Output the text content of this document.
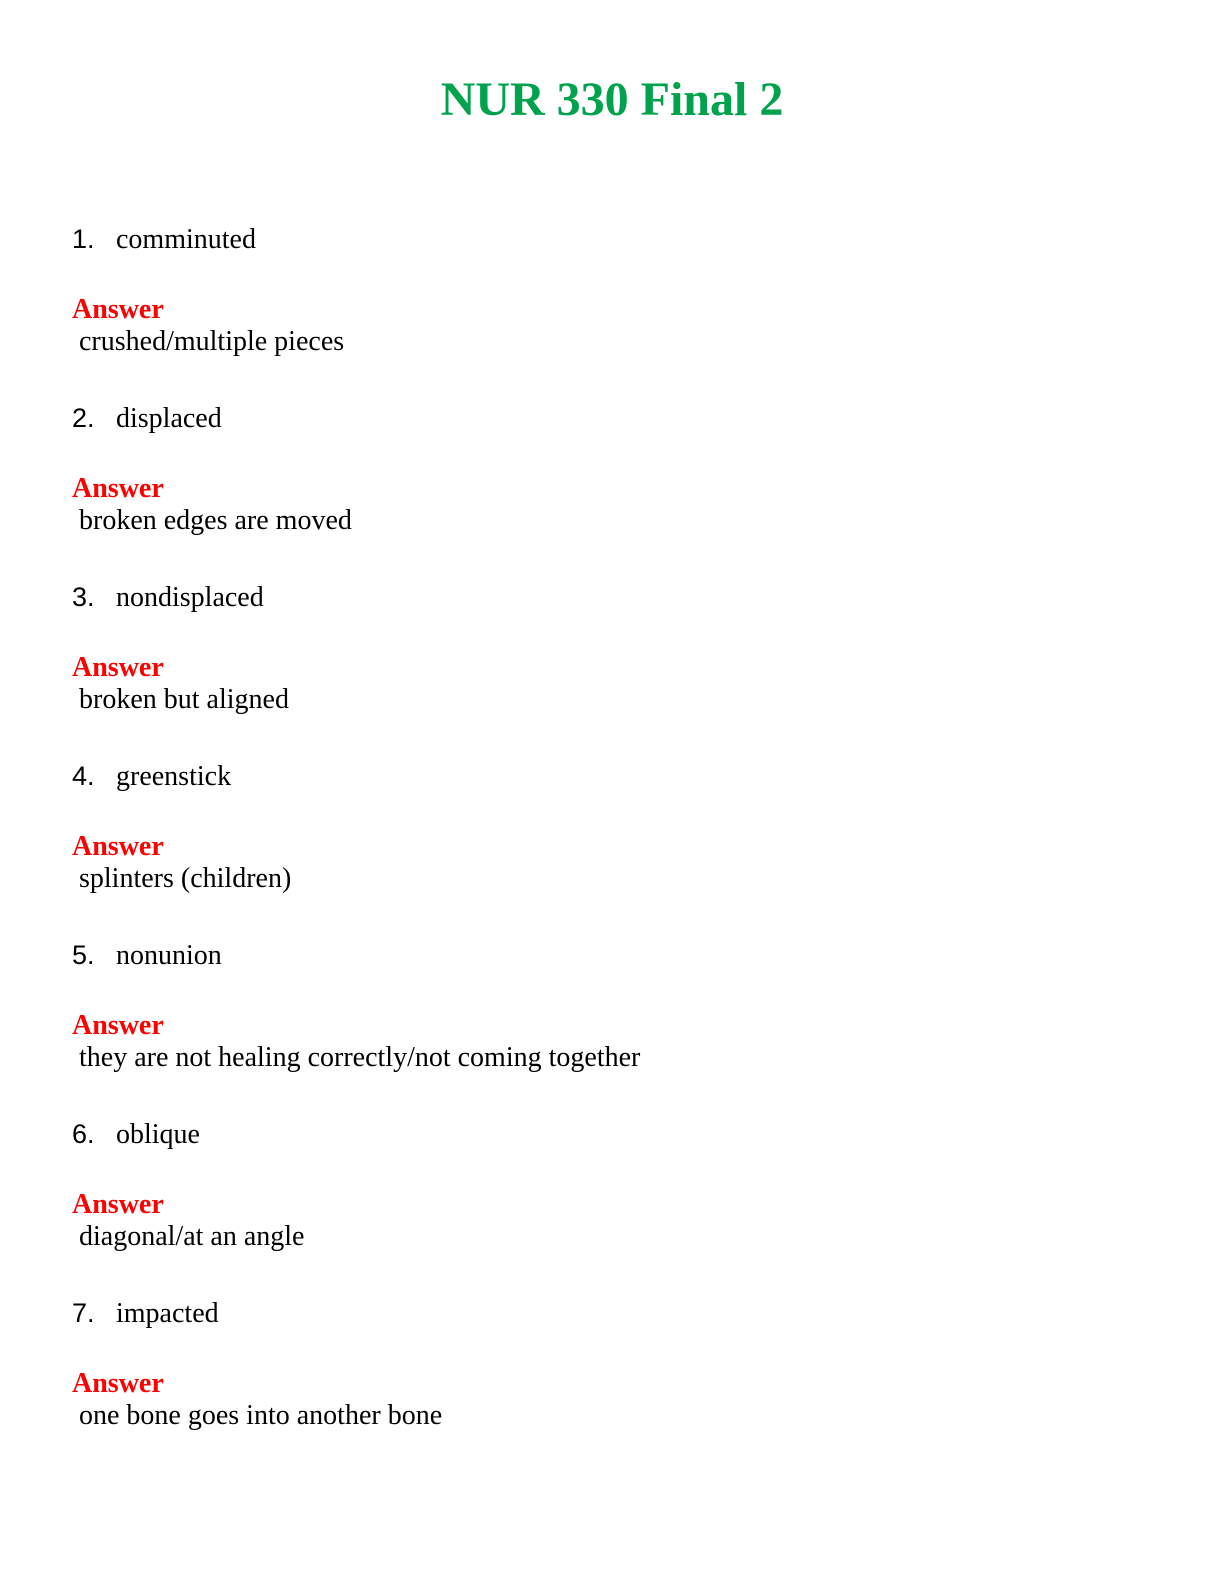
NUR 330 Final 2
1. comminuted
Answer
crushed/multiple pieces
2. displaced
Answer
broken edges are moved
3. nondisplaced
Answer
broken but aligned
4. greenstick
Answer
splinters (children)
5. nonunion
Answer
they are not healing correctly/not coming together
6. oblique
Answer
diagonal/at an angle
7. impacted
Answer
one bone goes into another bone
